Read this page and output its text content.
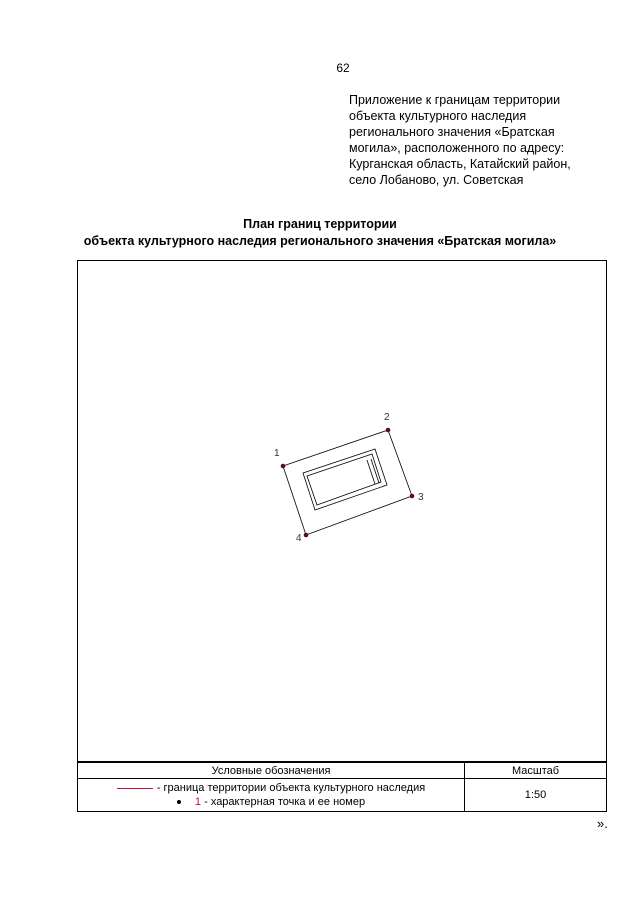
62
Приложение к границам территории
объекта культурного наследия
регионального значения «Братская
могила», расположенного по адресу:
Курганская область, Катайский район,
село Лобаново, ул. Советская
План границ территории
объекта культурного наследия регионального значения «Братская могила»
1
2
3
4
Условные обозначения	Масштаб

- граница территории объекта культурного наследия
1 - характерная точка и ее номер	1:50
».
